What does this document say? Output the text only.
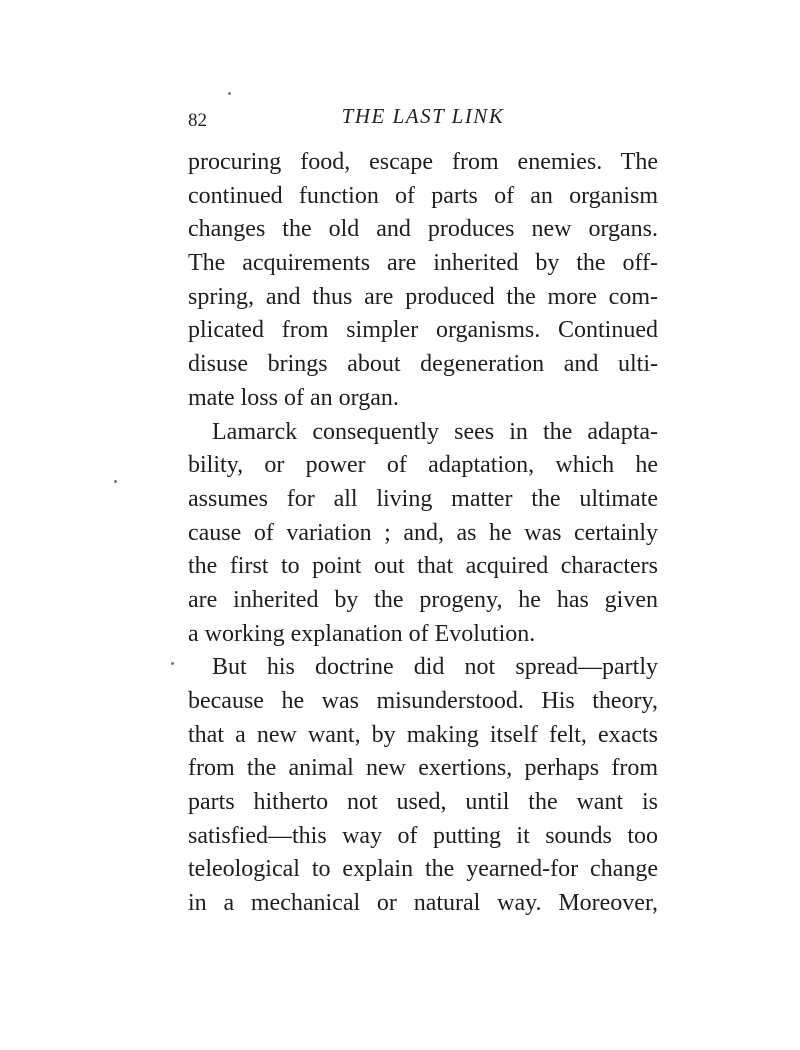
82	THE LAST LINK
procuring food, escape from enemies. The
continued function of parts of an organism
changes the old and produces new organs.
The acquirements are inherited by the off-
spring, and thus are produced the more com-
plicated from simpler organisms. Continued
disuse brings about degeneration and ulti-
mate loss of an organ.
Lamarck consequently sees in the adapta-
bility, or power of adaptation, which he
assumes for all living matter the ultimate
cause of variation ; and, as he was certainly
the first to point out that acquired characters
are inherited by the progeny, he has given
a working explanation of Evolution.
But his doctrine did not spread—partly
because he was misunderstood. His theory,
that a new want, by making itself felt, exacts
from the animal new exertions, perhaps from
parts hitherto not used, until the want is
satisfied—this way of putting it sounds too
teleological to explain the yearned-for change
in a mechanical or natural way. Moreover,
